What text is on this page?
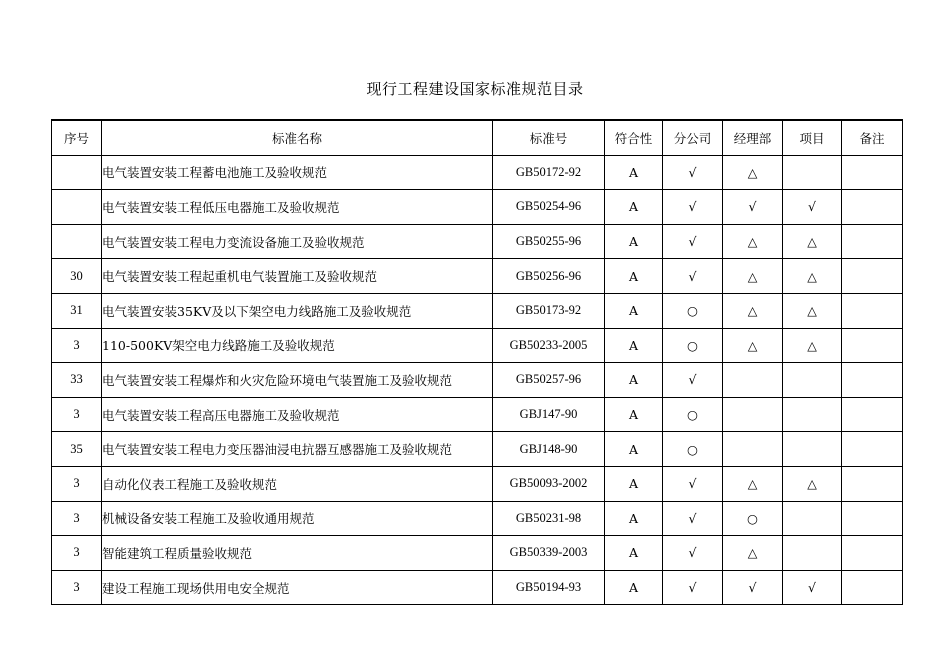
现行工程建设国家标准规范目录
序号	标准名称	标准号	符合性	分公司	经理部	项目	备注
	电气装置安装工程蓄电池施工及验收规范	GB50172-92	A	√	△		
	电气装置安装工程低压电器施工及验收规范	GB50254-96	A	√	√	√	
	电气装置安装工程电力变流设备施工及验收规范	GB50255-96	A	√	△	△	
30	电气装置安装工程起重机电气装置施工及验收规范	GB50256-96	A	√	△	△	
31	电气装置安装35KV及以下架空电力线路施工及验收规范	GB50173-92	A	○	△	△	
3	110-500KV架空电力线路施工及验收规范	GB50233-2005	A	○	△	△	
33	电气装置安装工程爆炸和火灾危险环境电气装置施工及验收规范	GB50257-96	A	√			
3	电气装置安装工程高压电器施工及验收规范	GBJ147-90	A	○			
35	电气装置安装工程电力变压器油浸电抗器互感器施工及验收规范	GBJ148-90	A	○			
3	自动化仪表工程施工及验收规范	GB50093-2002	A	√	△	△	
3	机械设备安装工程施工及验收通用规范	GB50231-98	A	√	○		
3	智能建筑工程质量验收规范	GB50339-2003	A	√	△		
3	建设工程施工现场供用电安全规范	GB50194-93	A	√	√	√	
